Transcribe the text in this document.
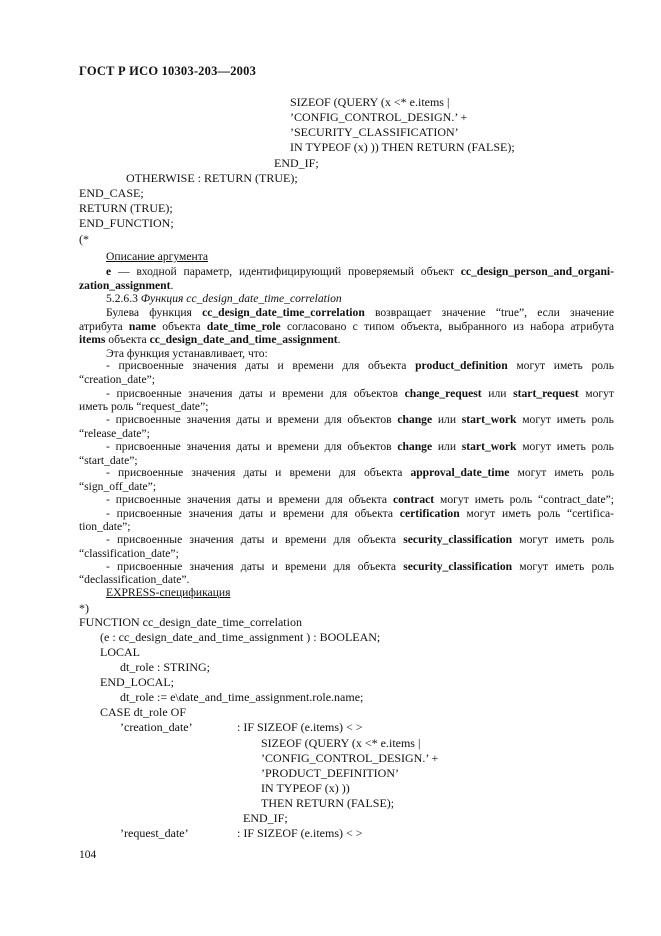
ГОСТ Р ИСО 10303-203—2003
SIZEOF (QUERY (x <* e.items |
’CONFIG_CONTROL_DESIGN.’ +
’SECURITY_CLASSIFICATION’
IN TYPEOF (x) )) THEN RETURN (FALSE);
END_IF;
OTHERWISE : RETURN (TRUE);
END_CASE;
RETURN (TRUE);
END_FUNCTION;
(*
Описание аргумента
e — входной параметр, идентифицирующий проверяемый объект cc_design_person_and_organi-
zation_assignment.
5.2.6.3 Функция cc_design_date_time_correlation
Булева функция cc_design_date_time_correlation возвращает значение “true”, если значение
атрибута name объекта date_time_role согласовано с типом объекта, выбранного из набора атрибута
items объекта cc_design_date_and_time_assignment.
Эта функция устанавливает, что:
- присвоенные значения даты и времени для объекта product_definition могут иметь роль
“creation_date”;
- присвоенные значения даты и времени для объектов change_request или start_request могут
иметь роль “request_date”;
- присвоенные значения даты и времени для объектов change или start_work могут иметь роль
“release_date”;
- присвоенные значения даты и времени для объектов change или start_work могут иметь роль
“start_date”;
- присвоенные значения даты и времени для объекта approval_date_time могут иметь роль
“sign_off_date”;
- присвоенные значения даты и времени для объекта contract могут иметь роль “contract_date”;
- присвоенные значения даты и времени для объекта certification могут иметь роль “certifica-
tion_date”;
- присвоенные значения даты и времени для объекта security_classification могут иметь роль
“classification_date”;
- присвоенные значения даты и времени для объекта security_classification могут иметь роль
“declassification_date”.
EXPRESS-спецификация
*)
FUNCTION cc_design_date_time_correlation
(e : cc_design_date_and_time_assignment ) : BOOLEAN;
LOCAL
dt_role : STRING;
END_LOCAL;
dt_role := e\date_and_time_assignment.role.name;
CASE dt_role OF
’creation_date’	: IF SIZEOF (e.items) < >
SIZEOF (QUERY (x <* e.items |
’CONFIG_CONTROL_DESIGN.’ +
’PRODUCT_DEFINITION’
IN TYPEOF (x) ))
THEN RETURN (FALSE);
END_IF;
’request_date’	: IF SIZEOF (e.items) < >
104
